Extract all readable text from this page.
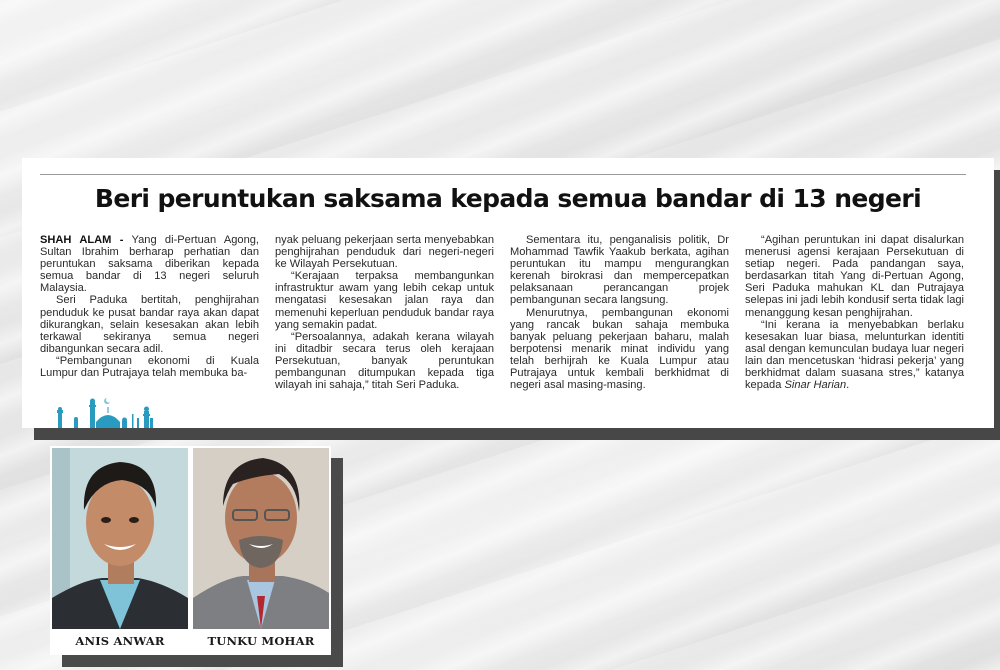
Beri peruntukan saksama kepada semua bandar di 13 negeri

SHAH ALAM - Yang di-Pertuan Agong, Sultan Ibrahim berharap perhatian dan peruntukan saksama diberikan kepada semua bandar di 13 negeri seluruh Malaysia.

Seri Paduka bertitah, penghijrahan penduduk ke pusat bandar raya akan dapat dikurangkan, selain kesesakan akan lebih terkawal sekiranya semua negeri dibangunkan secara adil.

“Pembangunan ekonomi di Kuala Lumpur dan Putrajaya telah membuka ba-

nyak peluang pekerjaan serta menyebabkan penghijrahan penduduk dari negeri-negeri ke Wilayah Persekutuan.

“Kerajaan terpaksa membangunkan infrastruktur awam yang lebih cekap untuk mengatasi kesesakan jalan raya dan memenuhi keperluan penduduk bandar raya yang semakin padat.

“Persoalannya, adakah kerana wilayah ini ditadbir secara terus oleh kerajaan Persekutuan, banyak peruntukan pembangunan ditumpukan kepada tiga wilayah ini sahaja,” titah Seri Paduka.

Sementara itu, penganalisis politik, Dr Mohammad Tawfik Yaakub berkata, agihan peruntukan itu mampu mengurangkan kerenah birokrasi dan mempercepatkan pelaksanaan perancangan projek pembangunan secara langsung.

Menurutnya, pembangunan ekonomi yang rancak bukan sahaja membuka banyak peluang pekerjaan baharu, malah berpotensi menarik minat individu yang telah berhijrah ke Kuala Lumpur atau Putrajaya untuk kembali berkhidmat di negeri asal masing-masing.

“Agihan peruntukan ini dapat disalurkan menerusi agensi kerajaan Persekutuan di setiap negeri. Pada pandangan saya, berdasarkan titah Yang di-Pertuan Agong, Seri Paduka mahukan KL dan Putrajaya selepas ini jadi lebih kondusif serta tidak lagi menanggung kesan penghijrahan.

“Ini kerana ia menyebabkan berlaku kesesakan luar biasa, melunturkan identiti asal dengan kemunculan budaya luar negeri lain dan mencetuskan ‘hidrasi pekerja’ yang berkhidmat dalam suasana stres,” katanya kepada Sinar Harian.

ANIS ANWAR	TUNKU MOHAR
